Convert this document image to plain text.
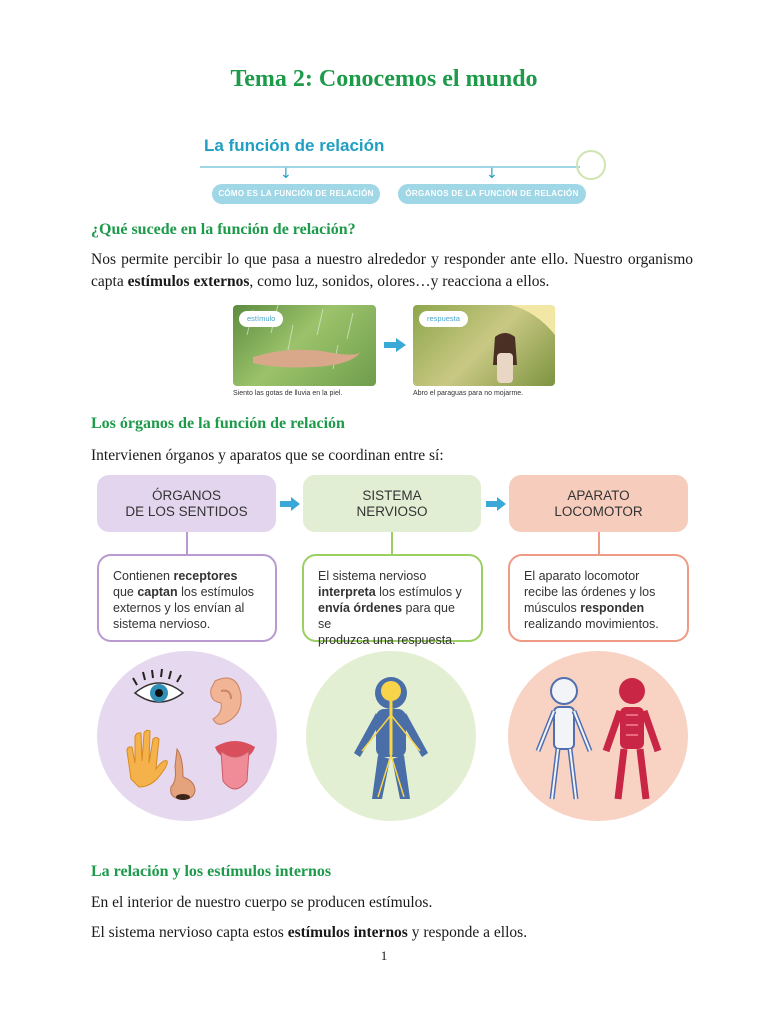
Tema 2: Conocemos el mundo
La función de relación
↓	↓
CÓMO ES LA FUNCIÓN DE RELACIÓN	ÓRGANOS DE LA FUNCIÓN DE RELACIÓN
¿Qué sucede en la función de relación?
Nos permite percibir lo que pasa a nuestro alrededor y responder ante ello. Nuestro organismo capta estímulos externos, como luz, sonidos, olores…y reacciona a ellos.
estímulo
Siento las gotas de lluvia en la piel.
respuesta
Abro el paraguas para no mojarme.
Los órganos de la función de relación
Intervienen órganos y aparatos que se coordinan entre sí:
ÓRGANOS
DE LOS SENTIDOS
Contienen receptores
que captan los estímulos
externos y los envían al
sistema nervioso.
SISTEMA
NERVIOSO
El sistema nervioso
interpreta los estímulos y
envía órdenes para que se
produzca una respuesta.
APARATO
LOCOMOTOR
El aparato locomotor
recibe las órdenes y los
músculos responden
realizando movimientos.
La relación y los estímulos internos
En el interior de nuestro cuerpo se producen estímulos.
El sistema nervioso capta estos estímulos internos y responde a ellos.
1
